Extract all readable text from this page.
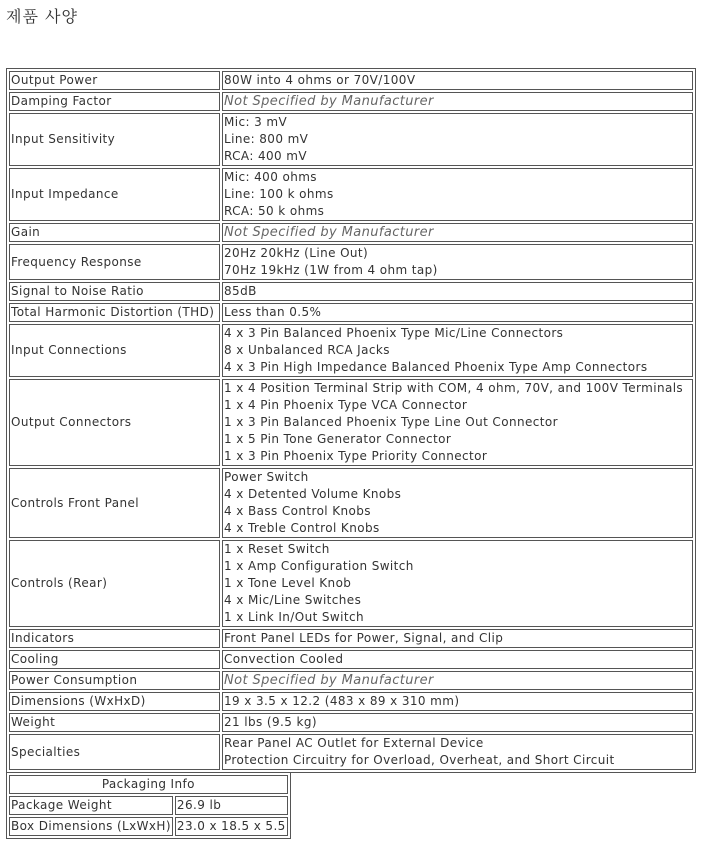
제품 사양
Output Power	80W into 4 ohms or 70V/100V

Damping Factor	Not Specified by Manufacturer
Input Sensitivity	Mic: 3 mV
Line: 800 mV
RCA: 400 mV

Input Impedance	Mic: 400 ohms
Line: 100 k ohms
RCA: 50 k ohms

Gain	Not Specified by Manufacturer
Frequency Response	20Hz 20kHz (Line Out)
70Hz 19kHz (1W from 4 ohm tap)

Signal to Noise Ratio	85dB

Total Harmonic Distortion (THD)	Less than 0.5%

Input Connections	4 x 3 Pin Balanced Phoenix Type Mic/Line Connectors
8 x Unbalanced RCA Jacks
4 x 3 Pin High Impedance Balanced Phoenix Type Amp Connectors

Output Connectors	1 x 4 Position Terminal Strip with COM, 4 ohm, 70V, and 100V Terminals
1 x 4 Pin Phoenix Type VCA Connector
1 x 3 Pin Balanced Phoenix Type Line Out Connector
1 x 5 Pin Tone Generator Connector
1 x 3 Pin Phoenix Type Priority Connector

Controls Front Panel	Power Switch
4 x Detented Volume Knobs
4 x Bass Control Knobs
4 x Treble Control Knobs

Controls (Rear)	1 x Reset Switch
1 x Amp Configuration Switch
1 x Tone Level Knob
4 x Mic/Line Switches
1 x Link In/Out Switch

Indicators	Front Panel LEDs for Power, Signal, and Clip

Cooling	Convection Cooled

Power Consumption	Not Specified by Manufacturer
Dimensions (WxHxD)	19 x 3.5 x 12.2 (483 x 89 x 310 mm)

Weight	21 lbs (9.5 kg)

Specialties	Rear Panel AC Outlet for External Device
Protection Circuitry for Overload, Overheat, and Short Circuit
Packaging Info	
Package Weight	26.9 lb
Box Dimensions (LxWxH)	23.0 x 18.5 x 5.5
